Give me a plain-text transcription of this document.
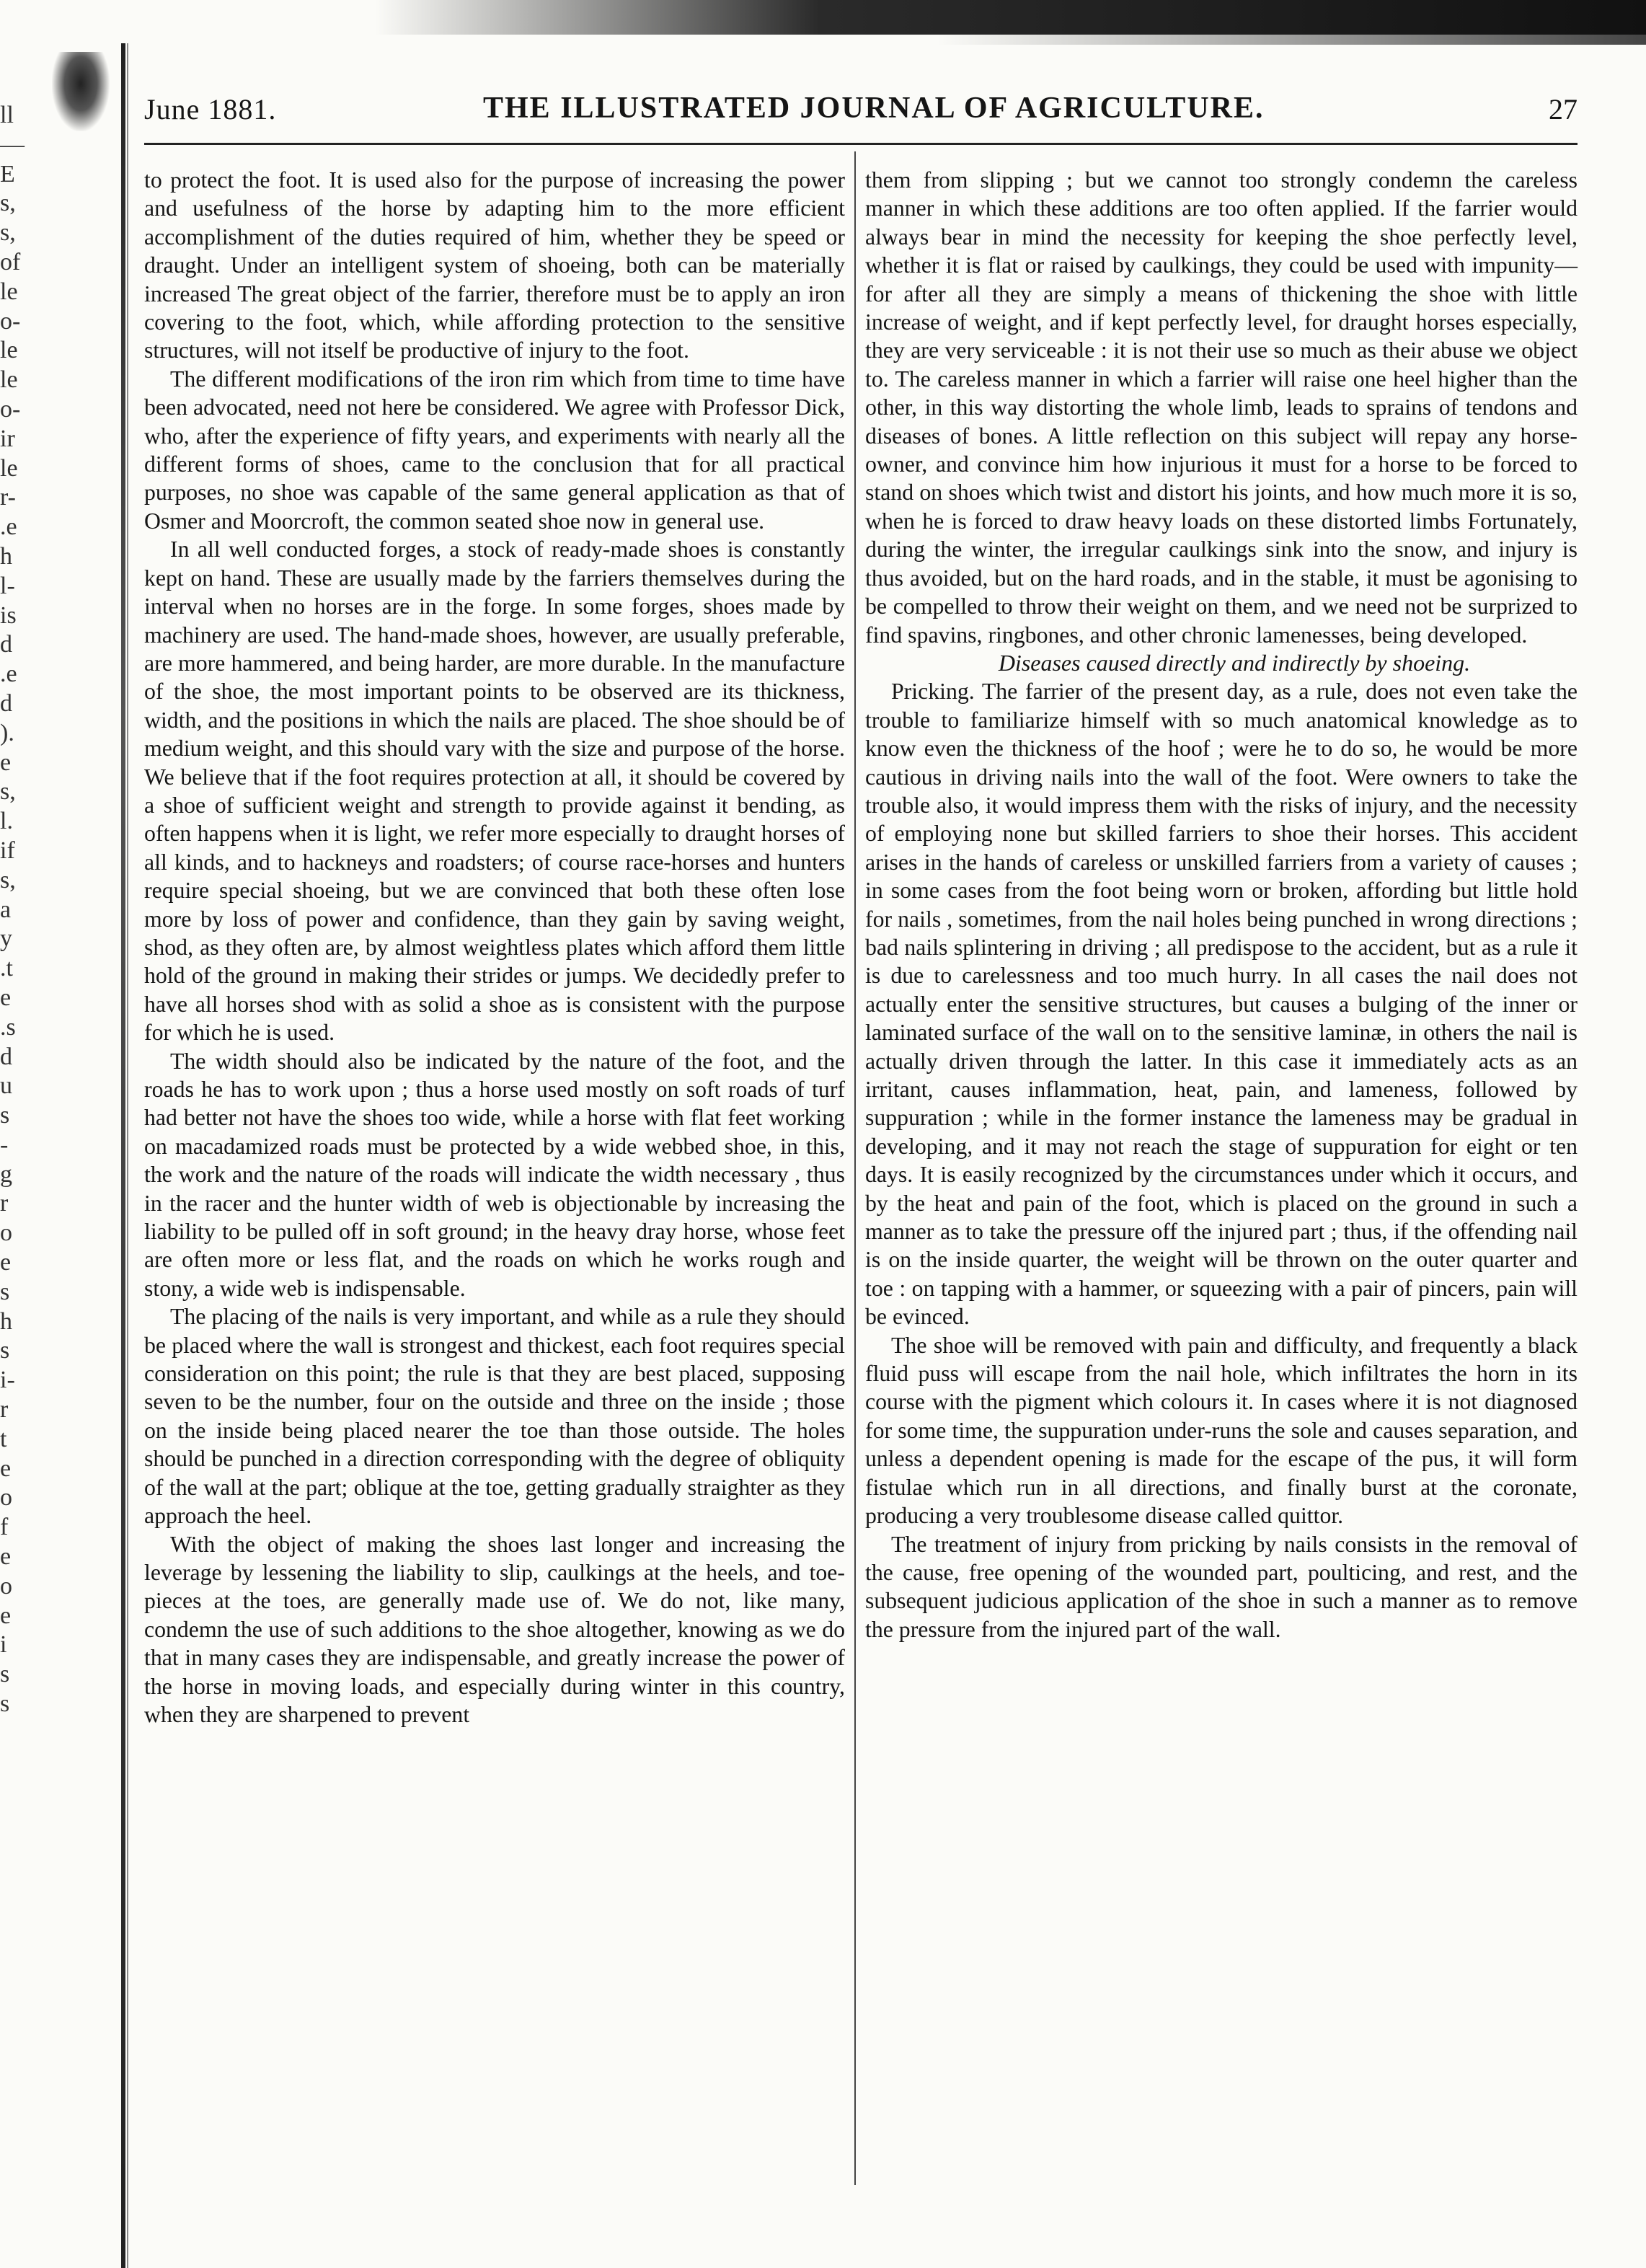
ll
—
E
s,
s,
of
le
o-
le
le
o-
ir
le
r-
.e
h
l-
is
d
.e
d
).
e
s,
l.
if
s,
a
y
.t
e
.s
d
u
s
-
g
r
o
e
s
h
s
i-
r
t
e
o
f
e
o
e
i
s
s
June 1881.	THE ILLUSTRATED JOURNAL OF AGRICULTURE.	27

to protect the foot. It is used also for the purpose of increasing the power and usefulness of the horse by adapting him to the more efficient accomplishment of the duties required of him, whether they be speed or draught. Under an intelligent system of shoeing, both can be materially increased The great object of the farrier, therefore must be to apply an iron covering to the foot, which, while affording protection to the sensitive structures, will not itself be productive of injury to the foot.

The different modifications of the iron rim which from time to time have been advocated, need not here be considered. We agree with Professor Dick, who, after the experience of fifty years, and experiments with nearly all the different forms of shoes, came to the conclusion that for all practical purposes, no shoe was capable of the same general application as that of Osmer and Moorcroft, the common seated shoe now in general use.

In all well conducted forges, a stock of ready-made shoes is constantly kept on hand. These are usually made by the farriers themselves during the interval when no horses are in the forge. In some forges, shoes made by machinery are used. The hand-made shoes, however, are usually preferable, are more hammered, and being harder, are more durable. In the manufacture of the shoe, the most important points to be observed are its thickness, width, and the positions in which the nails are placed. The shoe should be of medium weight, and this should vary with the size and purpose of the horse. We believe that if the foot requires protection at all, it should be covered by a shoe of sufficient weight and strength to provide against it bending, as often happens when it is light, we refer more especially to draught horses of all kinds, and to hackneys and roadsters; of course race-horses and hunters require special shoeing, but we are convinced that both these often lose more by loss of power and confidence, than they gain by saving weight, shod, as they often are, by almost weightless plates which afford them little hold of the ground in making their strides or jumps. We decidedly prefer to have all horses shod with as solid a shoe as is consistent with the purpose for which he is used.

The width should also be indicated by the nature of the foot, and the roads he has to work upon ; thus a horse used mostly on soft roads of turf had better not have the shoes too wide, while a horse with flat feet working on macadamized roads must be protected by a wide webbed shoe, in this, the work and the nature of the roads will indicate the width necessary , thus in the racer and the hunter width of web is objectionable by increasing the liability to be pulled off in soft ground; in the heavy dray horse, whose feet are often more or less flat, and the roads on which he works rough and stony, a wide web is indispensable.

The placing of the nails is very important, and while as a rule they should be placed where the wall is strongest and thickest, each foot requires special consideration on this point; the rule is that they are best placed, supposing seven to be the number, four on the outside and three on the inside ; those on the inside being placed nearer the toe than those outside. The holes should be punched in a direction corresponding with the degree of obliquity of the wall at the part; oblique at the toe, getting gradually straighter as they approach the heel.

With the object of making the shoes last longer and increasing the leverage by lessening the liability to slip, caulkings at the heels, and toe-pieces at the toes, are generally made use of. We do not, like many, condemn the use of such additions to the shoe altogether, knowing as we do that in many cases they are indispensable, and greatly increase the power of the horse in moving loads, and especially during winter in this country, when they are sharpened to prevent

them from slipping ; but we cannot too strongly condemn the careless manner in which these additions are too often applied. If the farrier would always bear in mind the necessity for keeping the shoe perfectly level, whether it is flat or raised by caulkings, they could be used with impunity—for after all they are simply a means of thickening the shoe with little increase of weight, and if kept perfectly level, for draught horses especially, they are very serviceable : it is not their use so much as their abuse we object to. The careless manner in which a farrier will raise one heel higher than the other, in this way distorting the whole limb, leads to sprains of tendons and diseases of bones. A little reflection on this subject will repay any horse-owner, and convince him how injurious it must for a horse to be forced to stand on shoes which twist and distort his joints, and how much more it is so, when he is forced to draw heavy loads on these distorted limbs Fortunately, during the winter, the irregular caulkings sink into the snow, and injury is thus avoided, but on the hard roads, and in the stable, it must be agonising to be compelled to throw their weight on them, and we need not be surprized to find spavins, ringbones, and other chronic lamenesses, being developed.

Diseases caused directly and indirectly by shoeing.

Pricking. The farrier of the present day, as a rule, does not even take the trouble to familiarize himself with so much anatomical knowledge as to know even the thickness of the hoof ; were he to do so, he would be more cautious in driving nails into the wall of the foot. Were owners to take the trouble also, it would impress them with the risks of injury, and the necessity of employing none but skilled farriers to shoe their horses. This accident arises in the hands of careless or unskilled farriers from a variety of causes ; in some cases from the foot being worn or broken, affording but little hold for nails , sometimes, from the nail holes being punched in wrong directions ; bad nails splintering in driving ; all predispose to the accident, but as a rule it is due to carelessness and too much hurry. In all cases the nail does not actually enter the sensitive structures, but causes a bulging of the inner or laminated surface of the wall on to the sensitive laminæ, in others the nail is actually driven through the latter. In this case it immediately acts as an irritant, causes inflammation, heat, pain, and lameness, followed by suppuration ; while in the former instance the lameness may be gradual in developing, and it may not reach the stage of suppuration for eight or ten days. It is easily recognized by the circumstances under which it occurs, and by the heat and pain of the foot, which is placed on the ground in such a manner as to take the pressure off the injured part ; thus, if the offending nail is on the inside quarter, the weight will be thrown on the outer quarter and toe : on tapping with a hammer, or squeezing with a pair of pincers, pain will be evinced.

The shoe will be removed with pain and difficulty, and frequently a black fluid puss will escape from the nail hole, which infiltrates the horn in its course with the pigment which colours it. In cases where it is not diagnosed for some time, the suppuration under-runs the sole and causes separation, and unless a dependent opening is made for the escape of the pus, it will form fistulae which run in all directions, and finally burst at the coronate, producing a very troublesome disease called quittor.

The treatment of injury from pricking by nails consists in the removal of the cause, free opening of the wounded part, poulticing, and rest, and the subsequent judicious application of the shoe in such a manner as to remove the pressure from the injured part of the wall.
